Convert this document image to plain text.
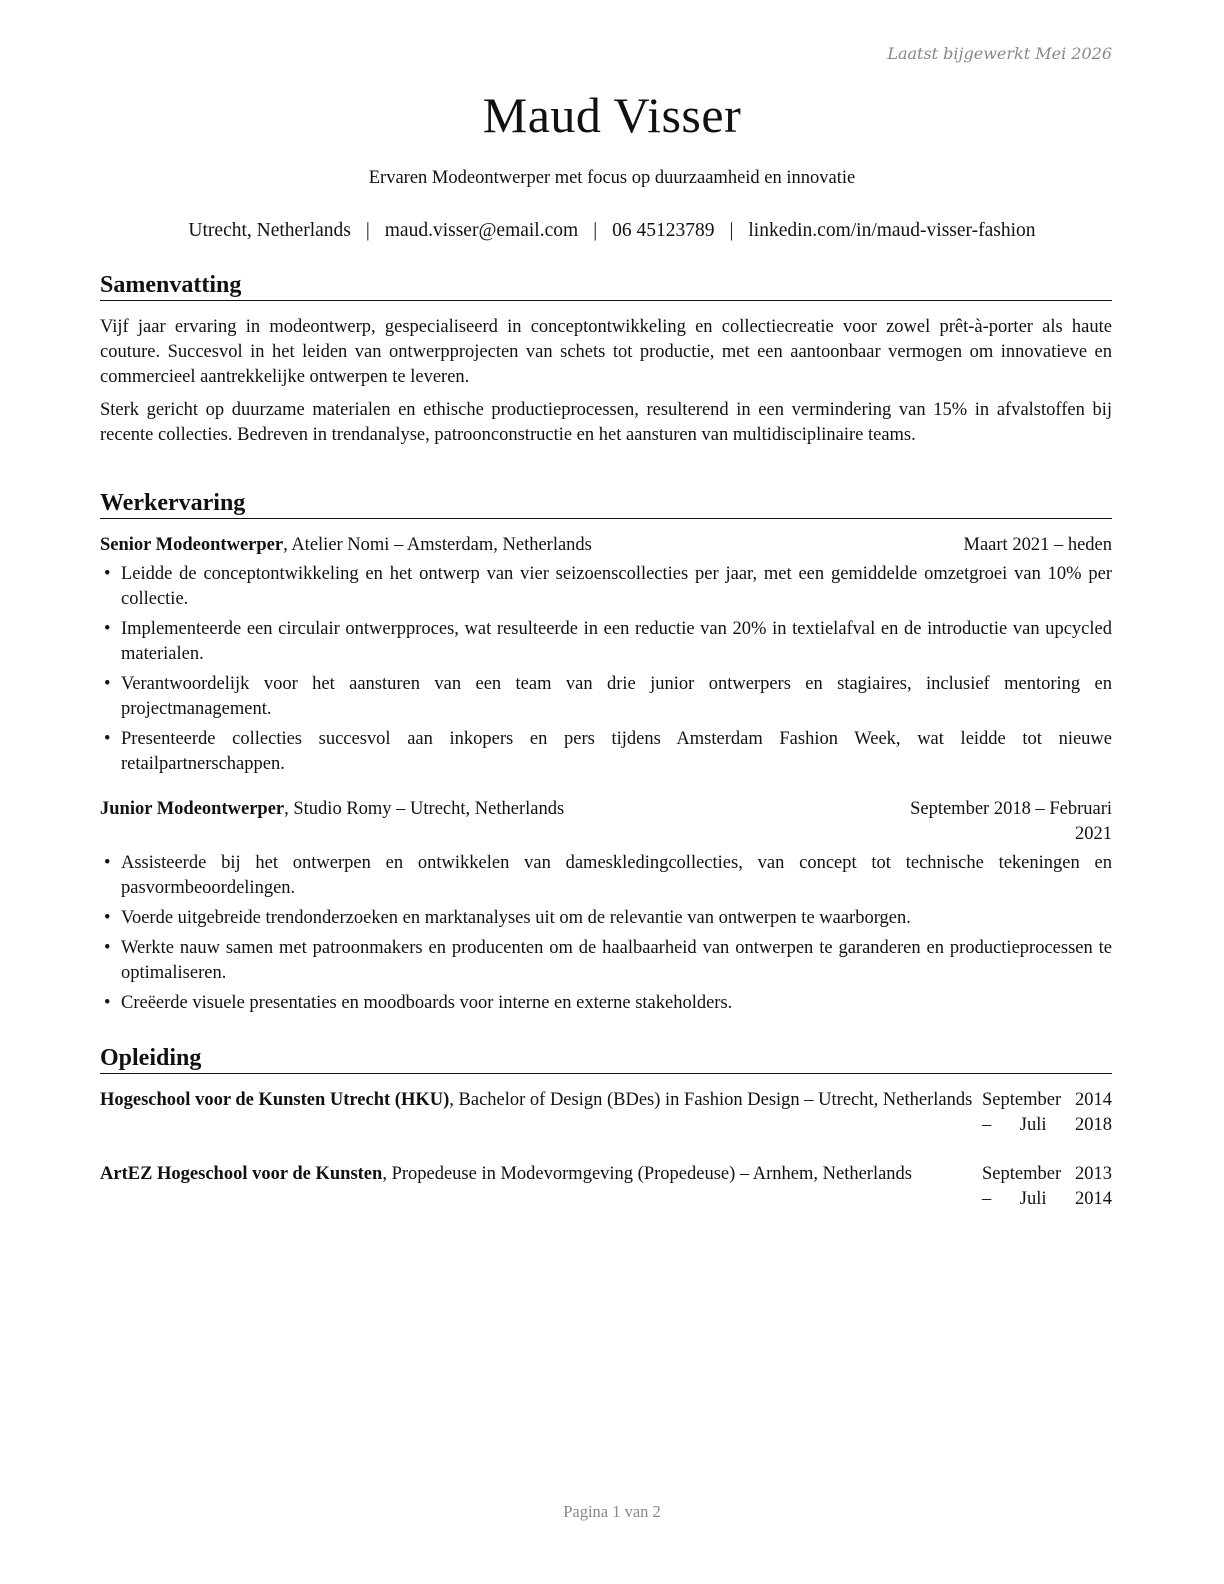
Laatst bijgewerkt Mei 2026
Maud Visser
Ervaren Modeontwerper met focus op duurzaamheid en innovatie
Utrecht, Netherlands | maud.visser@email.com | 06 45123789 | linkedin.com/in/maud-visser-fashion
Samenvatting

Vijf jaar ervaring in modeontwerp, gespecialiseerd in conceptontwikkeling en collectiecreatie voor zowel prêt-à-porter als haute couture. Succesvol in het leiden van ontwerpprojecten van schets tot productie, met een aantoonbaar vermogen om innovatieve en commercieel aantrekkelijke ontwerpen te leveren.

Sterk gericht op duurzame materialen en ethische productieprocessen, resulterend in een vermindering van 15% in afvalstoffen bij recente collecties. Bedreven in trendanalyse, patroonconstructie en het aansturen van multidisciplinaire teams.

Werkervaring
Senior Modeontwerper, Atelier Nomi – Amsterdam, Netherlands	Maart 2021 – heden
• Leidde de conceptontwikkeling en het ontwerp van vier seizoenscollecties per jaar, met een gemiddelde omzetgroei van 10% per collectie.
• Implementeerde een circulair ontwerpproces, wat resulteerde in een reductie van 20% in textielafval en de introductie van upcycled materialen.
• Verantwoordelijk voor het aansturen van een team van drie junior ontwerpers en stagiaires, inclusief mentoring en projectmanagement.
• Presenteerde collecties succesvol aan inkopers en pers tijdens Amsterdam Fashion Week, wat leidde tot nieuwe retailpartnerschappen.
Junior Modeontwerper, Studio Romy – Utrecht, Netherlands	September 2018 – Februari 2021
• Assisteerde bij het ontwerpen en ontwikkelen van dameskledingcollecties, van concept tot technische tekeningen en pasvormbeoordelingen.
• Voerde uitgebreide trendonderzoeken en marktanalyses uit om de relevantie van ontwerpen te waarborgen.
• Werkte nauw samen met patroonmakers en producenten om de haalbaarheid van ontwerpen te garanderen en productieprocessen te optimaliseren.
• Creëerde visuele presentaties en moodboards voor interne en externe stakeholders.
Opleiding
Hogeschool voor de Kunsten Utrecht (HKU), Bachelor of Design (BDes) in Fashion Design – Utrecht, Netherlands September 2014 – Juli 2018
ArtEZ Hogeschool voor de Kunsten, Propedeuse in Modevormgeving (Propedeuse) – Arnhem, Netherlands	September 2013 – Juli 2014
Pagina 1 van 2
